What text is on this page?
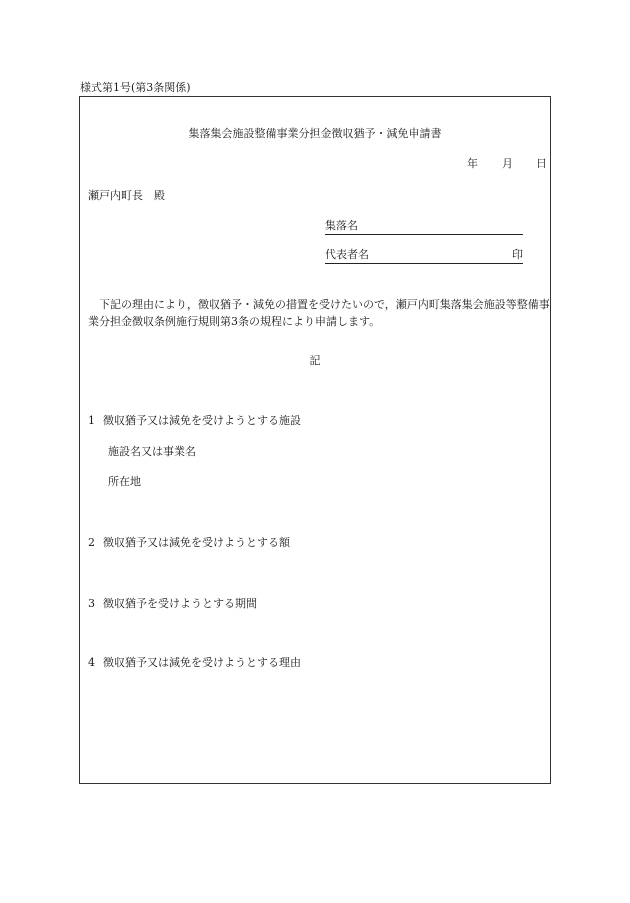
様式第1号(第3条関係)
集落集会施設整備事業分担金徴収猶予・減免申請書
年 月 日
瀬戸内町長　殿
集落名
代表者名	印
下記の理由により，徴収猶予・減免の措置を受けたいので，瀬戸内町集落集会施設等整備事業分担金徴収条例施行規則第3条の規程により申請します。
記
1 徴収猶予又は減免を受けようとする施設
施設名又は事業名
所在地
2 徴収猶予又は減免を受けようとする額
3 徴収猶予を受けようとする期間
4 徴収猶予又は減免を受けようとする理由
